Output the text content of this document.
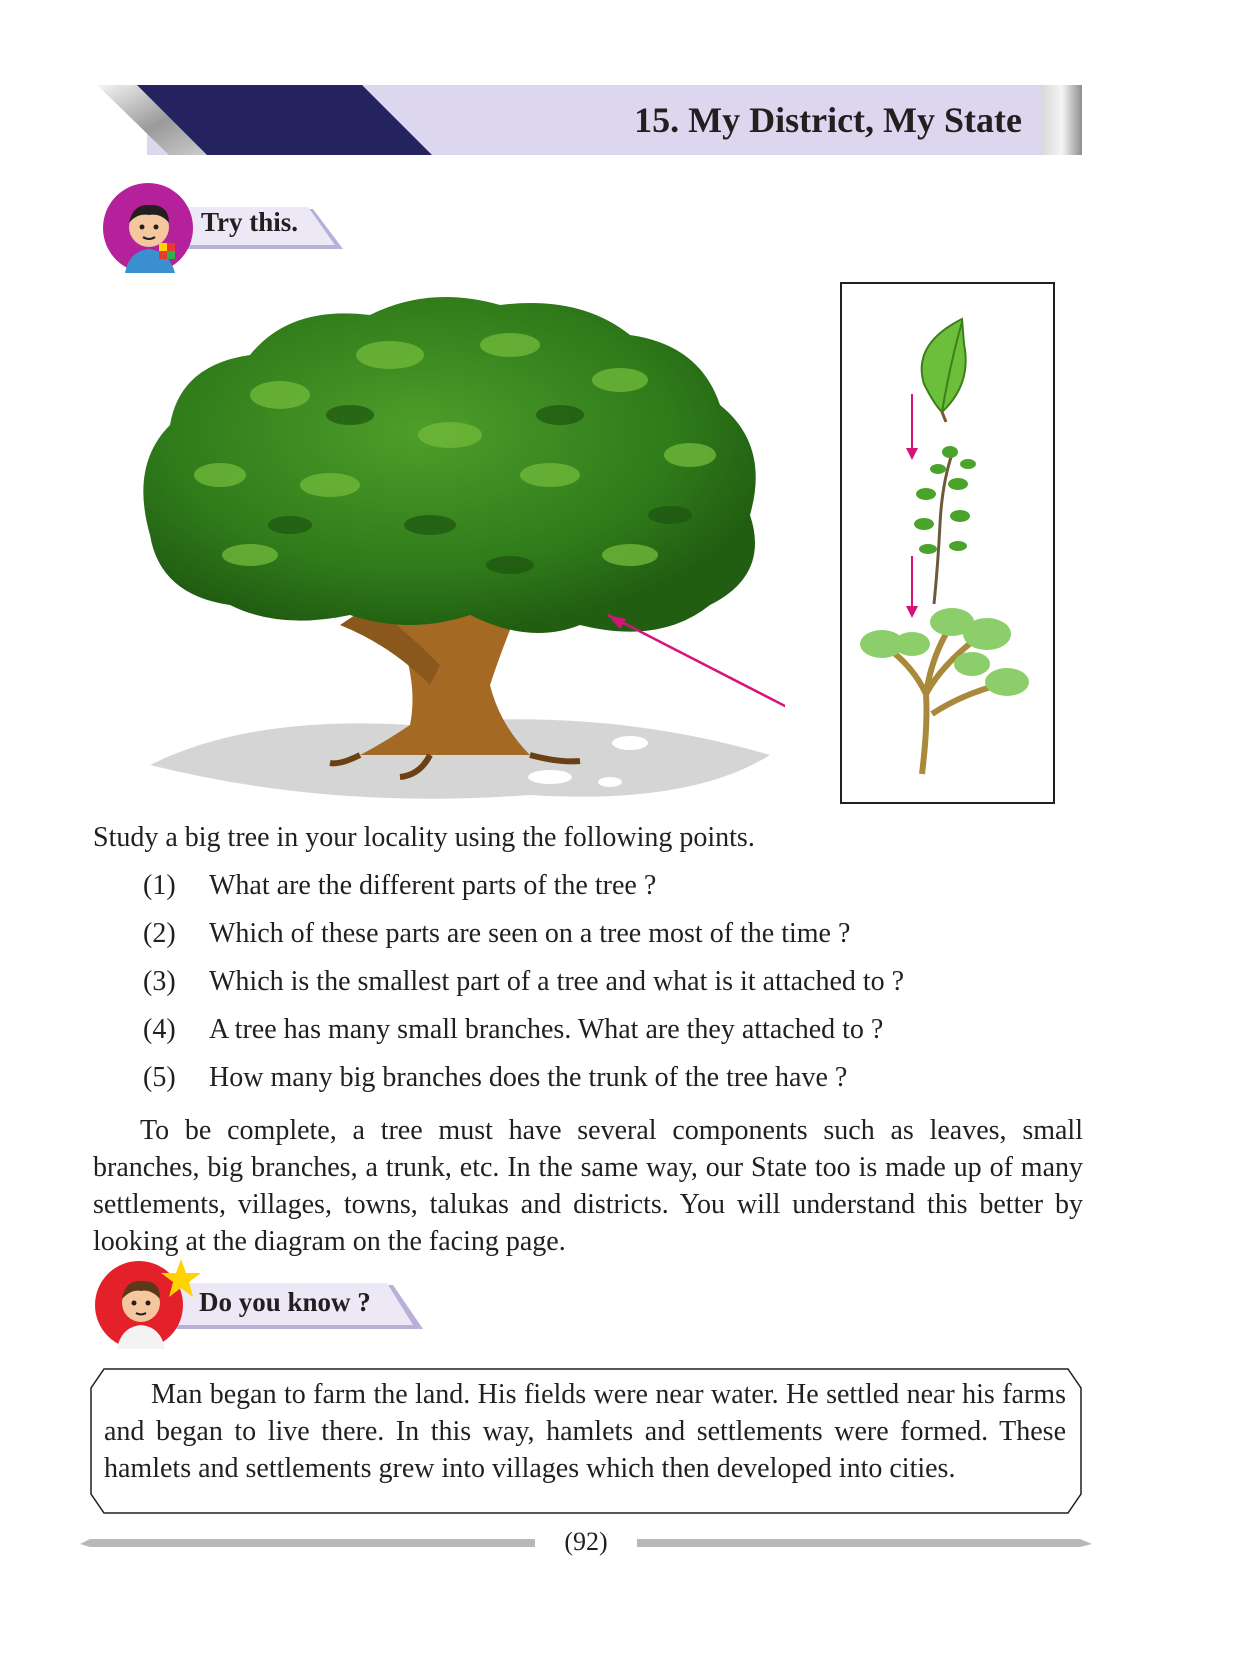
15. My District, My State
Try this.
Study a big tree in your locality using the following points.
(1) What are the different parts of the tree ?
(2) Which of these parts are seen on a tree most of the time ?
(3) Which is the smallest part of a tree and what is it attached to ?
(4) A tree has many small branches. What are they attached to ?
(5) How many big branches does the trunk of the tree have ?
To be complete, a tree must have several components such as leaves, small branches, big branches, a trunk, etc. In the same way, our State too is made up of many settlements, villages, towns, talukas and districts. You will understand this better by looking at the diagram on the facing page.
Do you know ?
Man began to farm the land. His fields were near water. He settled near his farms and began to live there. In this way, hamlets and settlements were formed. These hamlets and settlements grew into villages which then developed into cities.
(92)
